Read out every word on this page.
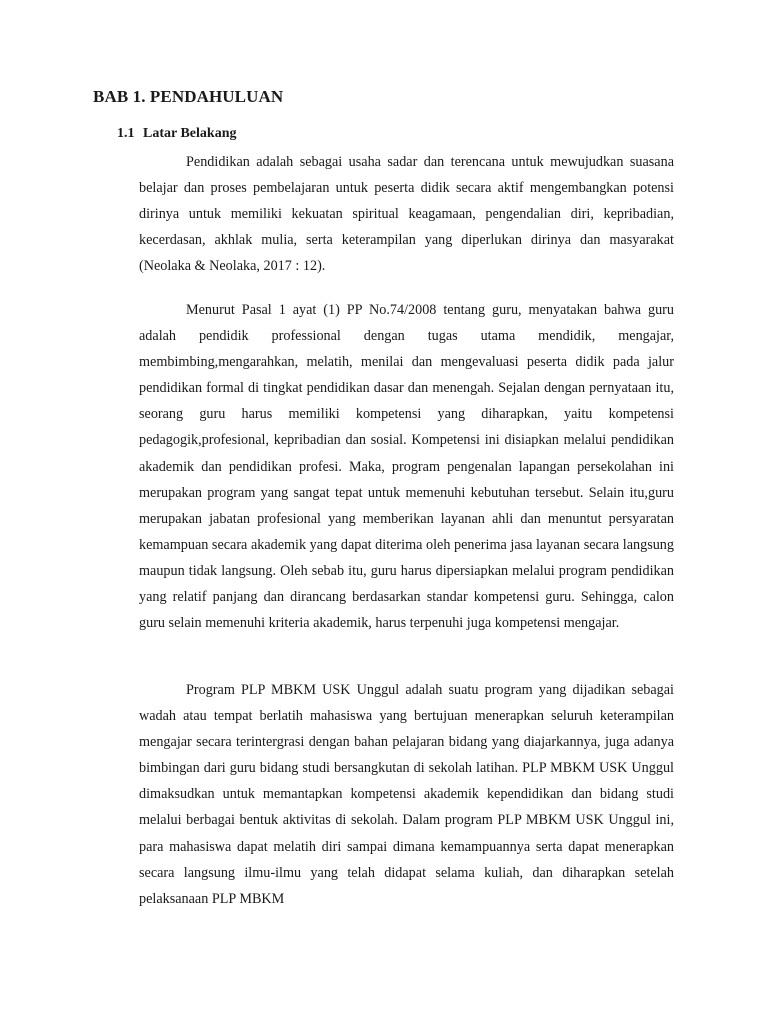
BAB 1. PENDAHULUAN
1.1 Latar Belakang

Pendidikan adalah sebagai usaha sadar dan terencana untuk mewujudkan suasana belajar dan proses pembelajaran untuk peserta didik secara aktif mengembangkan potensi dirinya untuk memiliki kekuatan spiritual keagamaan, pengendalian diri, kepribadian, kecerdasan, akhlak mulia, serta keterampilan yang diperlukan dirinya dan masyarakat (Neolaka & Neolaka, 2017 : 12).

Menurut Pasal 1 ayat (1) PP No.74/2008 tentang guru, menyatakan bahwa guru adalah pendidik professional dengan tugas utama mendidik, mengajar, membimbing,mengarahkan, melatih, menilai dan mengevaluasi peserta didik pada jalur pendidikan formal di tingkat pendidikan dasar dan menengah. Sejalan dengan pernyataan itu, seorang guru harus memiliki kompetensi yang diharapkan, yaitu kompetensi pedagogik,profesional, kepribadian dan sosial. Kompetensi ini disiapkan melalui pendidikan akademik dan pendidikan profesi. Maka, program pengenalan lapangan persekolahan ini merupakan program yang sangat tepat untuk memenuhi kebutuhan tersebut. Selain itu,guru merupakan jabatan profesional yang memberikan layanan ahli dan menuntut persyaratan kemampuan secara akademik yang dapat diterima oleh penerima jasa layanan secara langsung maupun tidak langsung. Oleh sebab itu, guru harus dipersiapkan melalui program pendidikan yang relatif panjang dan dirancang berdasarkan standar kompetensi guru. Sehingga, calon guru selain memenuhi kriteria akademik, harus terpenuhi juga kompetensi mengajar.

Program PLP MBKM USK Unggul adalah suatu program yang dijadikan sebagai wadah atau tempat berlatih mahasiswa yang bertujuan menerapkan seluruh keterampilan mengajar secara terintergrasi dengan bahan pelajaran bidang yang diajarkannya, juga adanya bimbingan dari guru bidang studi bersangkutan di sekolah latihan. PLP MBKM USK Unggul dimaksudkan untuk memantapkan kompetensi akademik kependidikan dan bidang studi melalui berbagai bentuk aktivitas di sekolah. Dalam program PLP MBKM USK Unggul ini, para mahasiswa dapat melatih diri sampai dimana kemampuannya serta dapat menerapkan secara langsung ilmu-ilmu yang telah didapat selama kuliah, dan diharapkan setelah pelaksanaan PLP MBKM
